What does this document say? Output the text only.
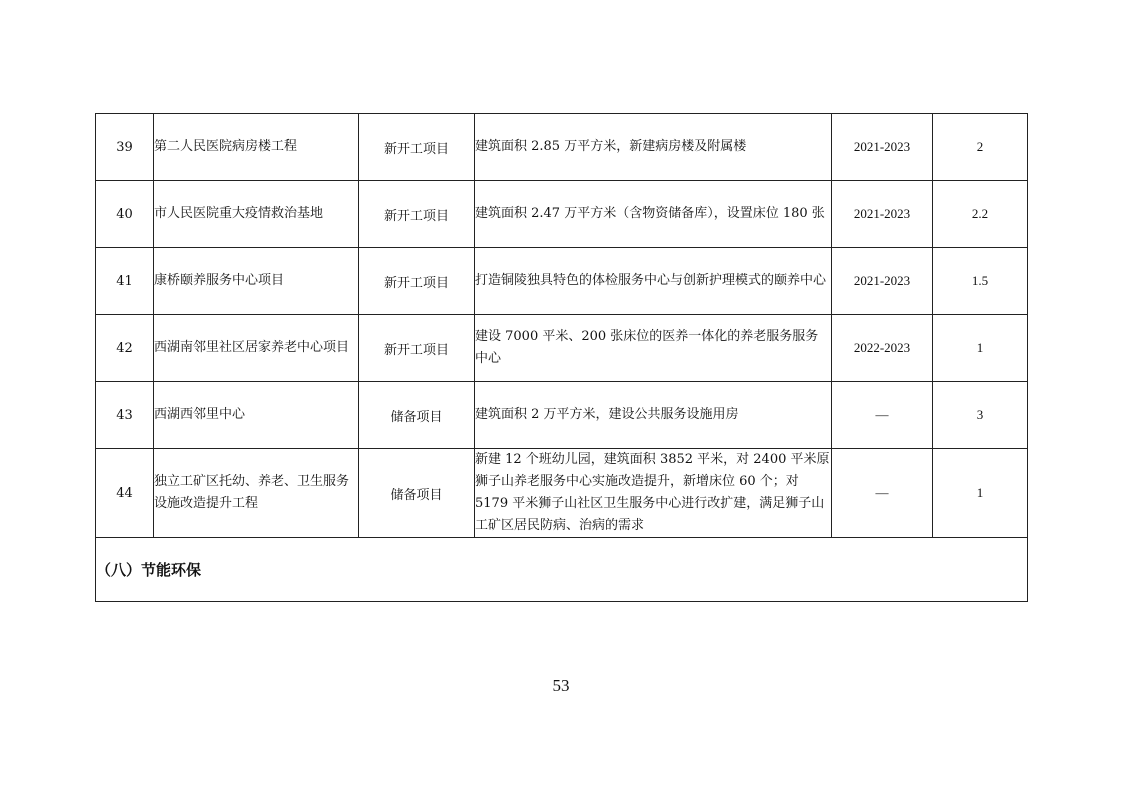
39	第二人民医院病房楼工程	新开工项目	建筑面积 2.85 万平方米，新建病房楼及附属楼	2021-2023	2
40	市人民医院重大疫情救治基地	新开工项目	建筑面积 2.47 万平方米（含物资储备库），设置床位 180 张	2021-2023	2.2
41	康桥颐养服务中心项目	新开工项目	打造铜陵独具特色的体检服务中心与创新护理模式的颐养中心	2021-2023	1.5
42	西湖南邻里社区居家养老中心项目	新开工项目	建设 7000 平米、200 张床位的医养一体化的养老服务服务中心	2022-2023	1
43	西湖西邻里中心	储备项目	建筑面积 2 万平方米，建设公共服务设施用房	—	3
44	独立工矿区托幼、养老、卫生服务设施改造提升工程	储备项目	新建 12 个班幼儿园，建筑面积 3852 平米，对 2400 平米原狮子山养老服务中心实施改造提升，新增床位 60 个；对 5179 平米狮子山社区卫生服务中心进行改扩建，满足狮子山工矿区居民防病、治病的需求	—	1
（八）节能环保					
53
